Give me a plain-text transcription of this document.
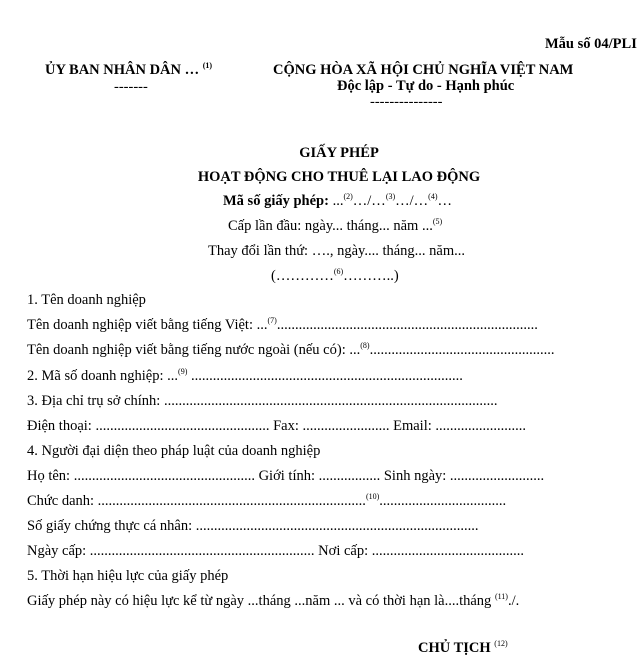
Mẫu số 04/PLI
ỦY BAN NHÂN DÂN … $^{(1)}$
-------
CỘNG HÒA XÃ HỘI CHỦ NGHĨA VIỆT NAM
Độc lập - Tự do - Hạnh phúc
---------------
GIẤY PHÉP
HOẠT ĐỘNG CHO THUÊ LẠI LAO ĐỘNG
Mã số giấy phép: ...$^{(2)}$…/…$^{(3)}$…/…$^{(4)}$…
Cấp lần đầu: ngày... tháng... năm ...$^{(5)}$
Thay đổi lần thứ: …., ngày.... tháng... năm...
(…………$^{(6)}$………..)
1. Tên doanh nghiệp
Tên doanh nghiệp viết bằng tiếng Việt: ...$^{(7)}$........................................................................
Tên doanh nghiệp viết bằng tiếng nước ngoài (nếu có): ...$^{(8)}$...................................................
2. Mã số doanh nghiệp: ...$^{(9)}$ ...........................................................................
3. Địa chỉ trụ sở chính: ............................................................................................
Điện thoại: ................................................ Fax: ........................ Email: .........................
4. Người đại diện theo pháp luật của doanh nghiệp
Họ tên: .................................................. Giới tính: ................. Sinh ngày: ..........................
Chức danh: ..........................................................................$^{(10)}$...................................
Số giấy chứng thực cá nhân: ..............................................................................
Ngày cấp: .............................................................. Nơi cấp: ..........................................
5. Thời hạn hiệu lực của giấy phép
Giấy phép này có hiệu lực kể từ ngày ...tháng ...năm ... và có thời hạn là....tháng $^{(11)}$./.
CHỦ TỊCH $^{(12)}$
